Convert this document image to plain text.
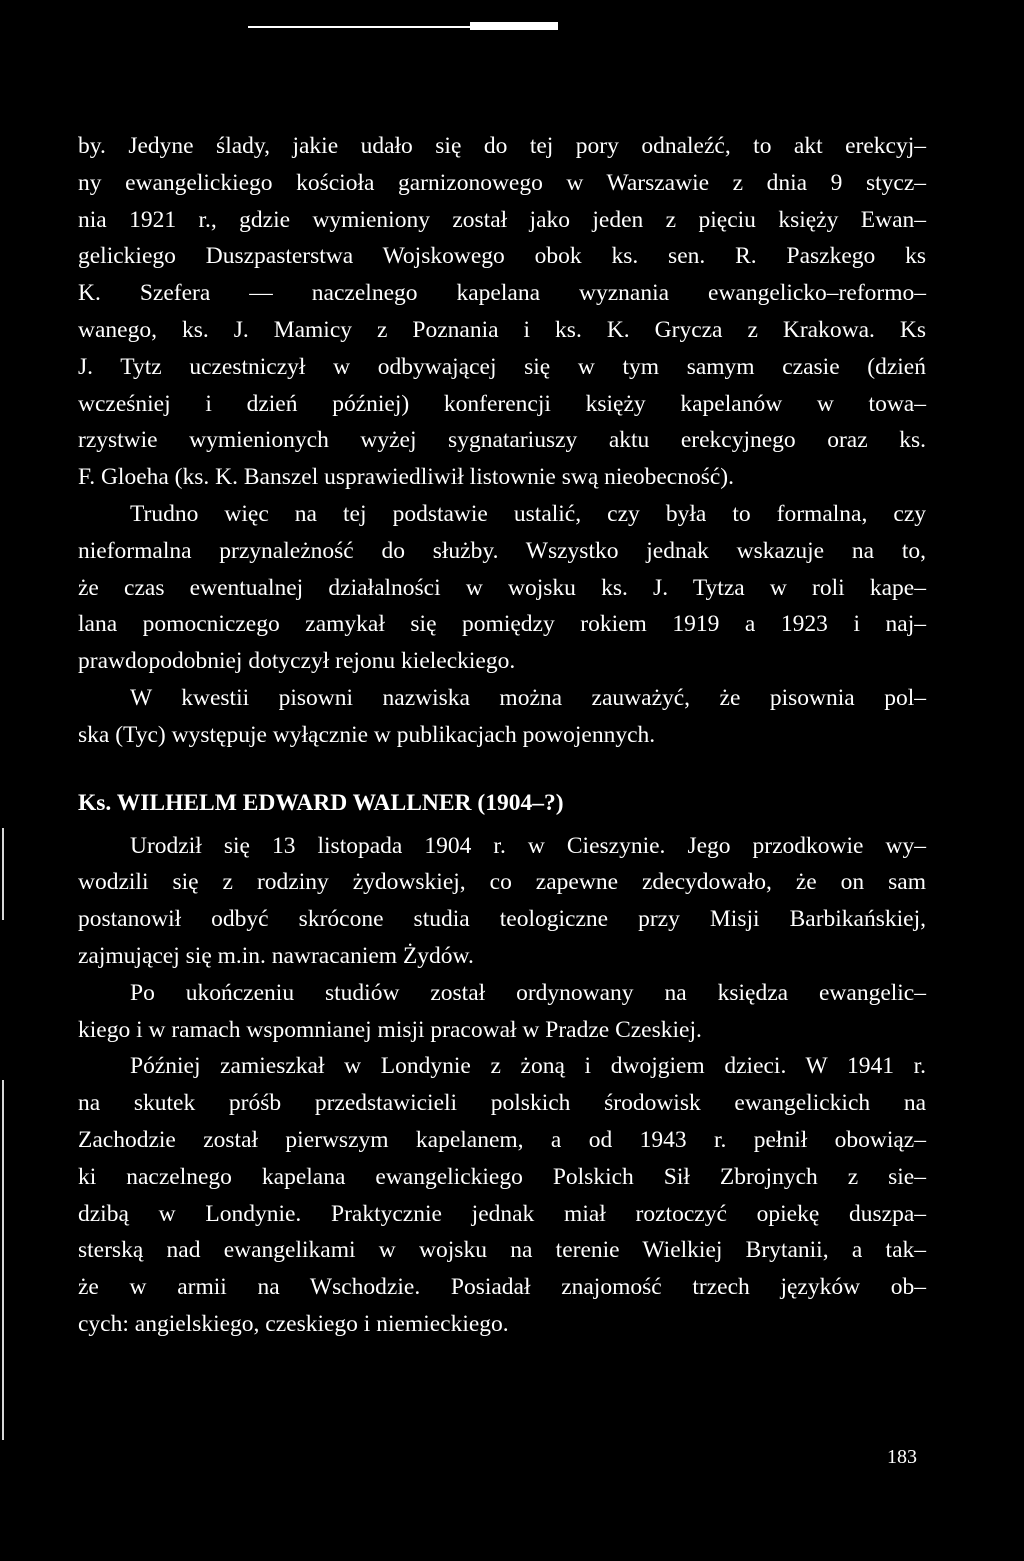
by. Jedyne ślady, jakie udało się do tej pory odnaleźć, to akt erekcyj–
ny ewangelickiego kościoła garnizonowego w Warszawie z dnia 9 stycz–
nia 1921 r., gdzie wymieniony został jako jeden z pięciu księży Ewan–
gelickiego Duszpasterstwa Wojskowego obok ks. sen. R. Paszkego ks
K. Szefera — naczelnego kapelana wyznania ewangelicko–reformo–
wanego, ks. J. Mamicy z Poznania i ks. K. Grycza z Krakowa. Ks
J. Tytz uczestniczył w odbywającej się w tym samym czasie (dzień
wcześniej i dzień później) konferencji księży kapelanów w towa–
rzystwie wymienionych wyżej sygnatariuszy aktu erekcyjnego oraz ks.
F. Gloeha (ks. K. Banszel usprawiedliwił listownie swą nieobecność).
Trudno więc na tej podstawie ustalić, czy była to formalna, czy
nieformalna przynależność do służby. Wszystko jednak wskazuje na to,
że czas ewentualnej działalności w wojsku ks. J. Tytza w roli kape–
lana pomocniczego zamykał się pomiędzy rokiem 1919 a 1923 i naj–
prawdopodobniej dotyczył rejonu kieleckiego.
W kwestii pisowni nazwiska można zauważyć, że pisownia pol–
ska (Tyc) występuje wyłącznie w publikacjach powojennych.
Ks. WILHELM EDWARD WALLNER (1904–?)
Urodził się 13 listopada 1904 r. w Cieszynie. Jego przodkowie wy–
wodzili się z rodziny żydowskiej, co zapewne zdecydowało, że on sam
postanowił odbyć skrócone studia teologiczne przy Misji Barbikańskiej,
zajmującej się m.in. nawracaniem Żydów.
Po ukończeniu studiów został ordynowany na księdza ewangelic–
kiego i w ramach wspomnianej misji pracował w Pradze Czeskiej.
Później zamieszkał w Londynie z żoną i dwojgiem dzieci. W 1941 r.
na skutek próśb przedstawicieli polskich środowisk ewangelickich na
Zachodzie został pierwszym kapelanem, a od 1943 r. pełnił obowiąz–
ki naczelnego kapelana ewangelickiego Polskich Sił Zbrojnych z sie–
dzibą w Londynie. Praktycznie jednak miał roztoczyć opiekę duszpa–
sterską nad ewangelikami w wojsku na terenie Wielkiej Brytanii, a tak–
że w armii na Wschodzie. Posiadał znajomość trzech języków ob–
cych: angielskiego, czeskiego i niemieckiego.
183
